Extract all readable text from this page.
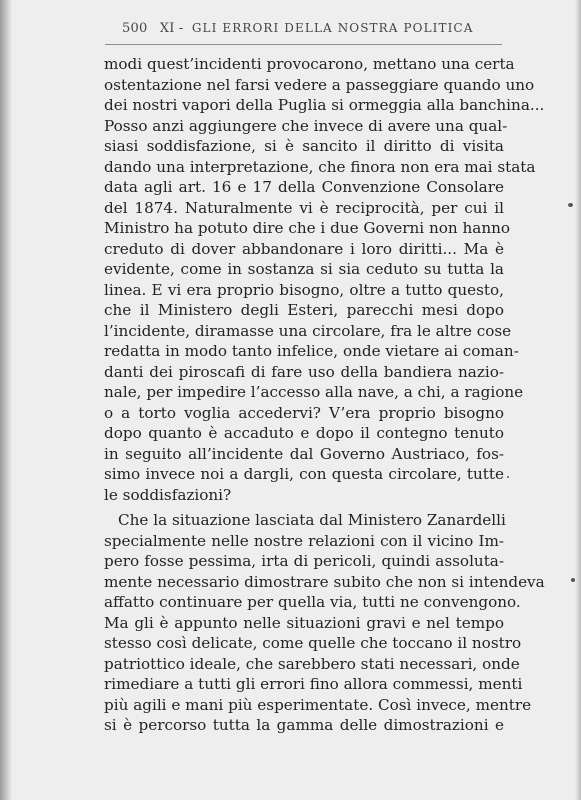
500 XI - GLI ERRORI DELLA NOSTRA POLITICA
modi quest’incidenti provocarono, mettano una certa
ostentazione nel farsi vedere a passeggiare quando uno
dei nostri vapori della Puglia si ormeggia alla banchina...
Posso anzi aggiungere che invece di avere una qual-
siasi soddisfazione, si è sancito il diritto di visita
dando una interpretazione, che finora non era mai stata
data agli art. 16 e 17 della Convenzione Consolare
del 1874. Naturalmente vi è reciprocità, per cui il
Ministro ha potuto dire che i due Governi non hanno
creduto di dover abbandonare i loro diritti... Ma è
evidente, come in sostanza si sia ceduto su tutta la
linea. E vi era proprio bisogno, oltre a tutto questo,
che il Ministero degli Esteri, parecchi mesi dopo
l’incidente, diramasse una circolare, fra le altre cose
redatta in modo tanto infelice, onde vietare ai coman-
danti dei piroscafi di fare uso della bandiera nazio-
nale, per impedire l’accesso alla nave, a chi, a ragione
o a torto voglia accedervi? V’era proprio bisogno
dopo quanto è accaduto e dopo il contegno tenuto
in seguito all’incidente dal Governo Austriaco, fos-
simo invece noi a dargli, con questa circolare, tutte
le soddisfazioni?
Che la situazione lasciata dal Ministero Zanardelli
specialmente nelle nostre relazioni con il vicino Im-
pero fosse pessima, irta di pericoli, quindi assoluta-
mente necessario dimostrare subito che non si intendeva
affatto continuare per quella via, tutti ne convengono.
Ma gli è appunto nelle situazioni gravi e nel tempo
stesso così delicate, come quelle che toccano il nostro
patriottico ideale, che sarebbero stati necessari, onde
rimediare a tutti gli errori fino allora commessi, menti
più agili e mani più esperimentate. Così invece, mentre
si è percorso tutta la gamma delle dimostrazioni e
